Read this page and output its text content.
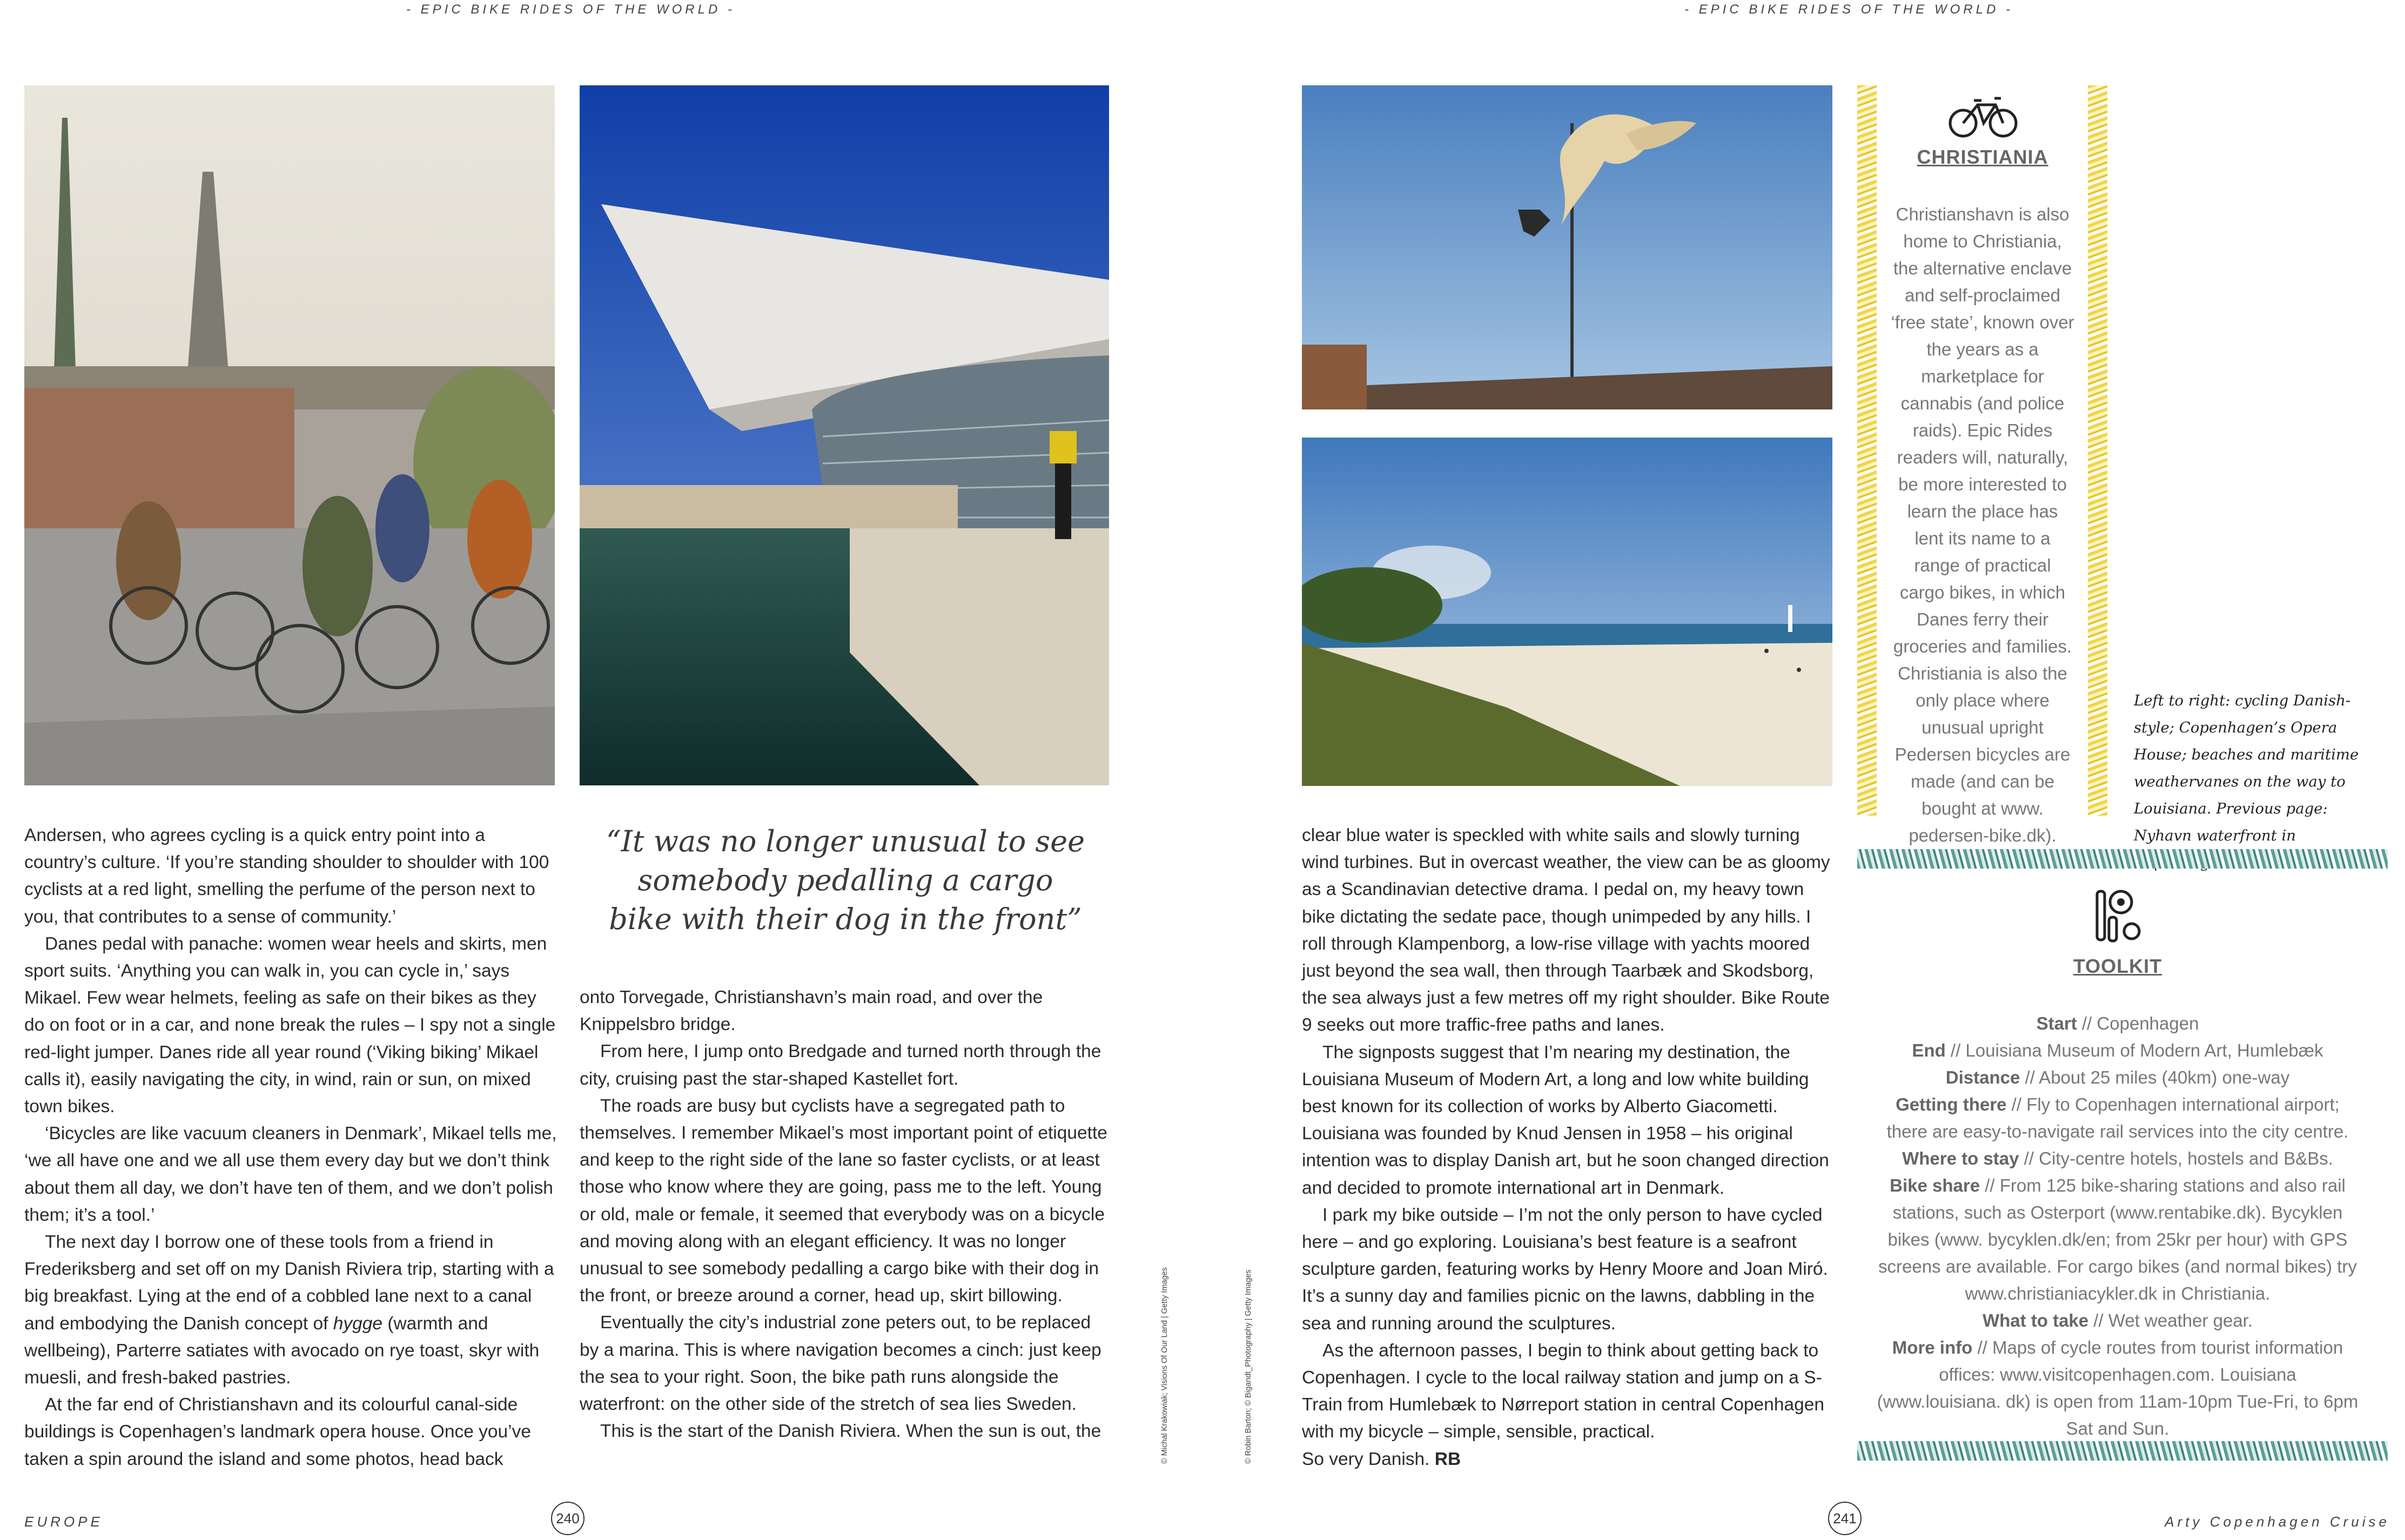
- EPIC BIKE RIDES OF THE WORLD -	- EPIC BIKE RIDES OF THE WORLD -

Andersen, who agrees cycling is a quick entry point into a country’s culture. ‘If you’re standing shoulder to shoulder with 100 cyclists at a red light, smelling the perfume of the person next to you, that contributes to a sense of community.’

Danes pedal with panache: women wear heels and skirts, men sport suits. ‘Anything you can walk in, you can cycle in,’ says Mikael. Few wear helmets, feeling as safe on their bikes as they do on foot or in a car, and none break the rules – I spy not a single red-light jumper. Danes ride all year round (‘Viking biking’ Mikael calls it), easily navigating the city, in wind, rain or sun, on mixed town bikes.

‘Bicycles are like vacuum cleaners in Denmark’, Mikael tells me, ‘we all have one and we all use them every day but we don’t think about them all day, we don’t have ten of them, and we don’t polish them; it’s a tool.’

The next day I borrow one of these tools from a friend in Frederiksberg and set off on my Danish Riviera trip, starting with a big breakfast. Lying at the end of a cobbled lane next to a canal and embodying the Danish concept of hygge (warmth and wellbeing), Parterre satiates with avocado on rye toast, skyr with muesli, and fresh-baked pastries.

At the far end of Christianshavn and its colourful canal-side buildings is Copenhagen’s landmark opera house. Once you’ve taken a spin around the island and some photos, head back

“It was no longer unusual to see somebody pedalling a cargo bike with their dog in the front”

onto Torvegade, Christianshavn’s main road, and over the Knippelsbro bridge.

From here, I jump onto Bredgade and turned north through the city, cruising past the star-shaped Kastellet fort.

The roads are busy but cyclists have a segregated path to themselves. I remember Mikael’s most important point of etiquette and keep to the right side of the lane so faster cyclists, or at least those who know where they are going, pass me to the left. Young or old, male or female, it seemed that everybody was on a bicycle and moving along with an elegant efficiency. It was no longer unusual to see somebody pedalling a cargo bike with their dog in the front, or breeze around a corner, head up, skirt billowing.

Eventually the city’s industrial zone peters out, to be replaced by a marina. This is where navigation becomes a cinch: just keep the sea to your right. Soon, the bike path runs alongside the waterfront: on the other side of the stretch of sea lies Sweden.

This is the start of the Danish Riviera. When the sun is out, the	© Michal Krakowiak; Visions Of Our Land | Getty Images	© Robin Barton; © Bigandt_Photography | Getty Images

clear blue water is speckled with white sails and slowly turning wind turbines. But in overcast weather, the view can be as gloomy as a Scandinavian detective drama. I pedal on, my heavy town bike dictating the sedate pace, though unimpeded by any hills. I roll through Klampenborg, a low-rise village with yachts moored just beyond the sea wall, then through Taarbæk and Skodsborg, the sea always just a few metres off my right shoulder. Bike Route 9 seeks out more traffic-free paths and lanes.

The signposts suggest that I’m nearing my destination, the Louisiana Museum of Modern Art, a long and low white building best known for its collection of works by Alberto Giacometti. Louisiana was founded by Knud Jensen in 1958 – his original intention was to display Danish art, but he soon changed direction and decided to promote international art in Denmark.

I park my bike outside – I’m not the only person to have cycled here – and go exploring. Louisiana’s best feature is a seafront sculpture garden, featuring works by Henry Moore and Joan Miró. It’s a sunny day and families picnic on the lawns, dabbling in the sea and running around the sculptures.

As the afternoon passes, I begin to think about getting back to Copenhagen. I cycle to the local railway station and jump on a S-Train from Humlebæk to Nørreport station in central Copenhagen with my bicycle – simple, sensible, practical.

So very Danish. RB

CHRISTIANIA
Christianshavn is also home to Christiania, the alternative enclave and self-proclaimed ‘free state’, known over the years as a marketplace for cannabis (and police raids). Epic Rides readers will, naturally, be more interested to learn the place has lent its name to a range of practical cargo bikes, in which Danes ferry their groceries and families. Christiania is also the only place where unusual upright Pedersen bicycles are made (and can be bought at www. pedersen-bike.dk).
Left to right: cycling Danish-style; Copenhagen’s Opera House; beaches and maritime weathervanes on the way to Louisiana. Previous page: Nyhavn waterfront in
TOOLKIT
Start // Copenhagen
End // Louisiana Museum of Modern Art, Humlebæk
Distance // About 25 miles (40km) one-way
Getting there // Fly to Copenhagen international airport; there are easy-to-navigate rail services into the city centre.
Where to stay // City-centre hotels, hostels and B&Bs.
Bike share // From 125 bike-sharing stations and also rail stations, such as Osterport (www.rentabike.dk). Bycyklen bikes (www. bycyklen.dk/en; from 25kr per hour) with GPS screens are available. For cargo bikes (and normal bikes) try www.christianiacykler.dk in Christiania.
What to take // Wet weather gear.
More info // Maps of cycle routes from tourist information offices: www.visitcopenhagen.com. Louisiana (www.louisiana. dk) is open from 11am-10pm Tue-Fri, to 6pm Sat and Sun.
EUROPE	240	241	Arty Copenhagen Cruise
